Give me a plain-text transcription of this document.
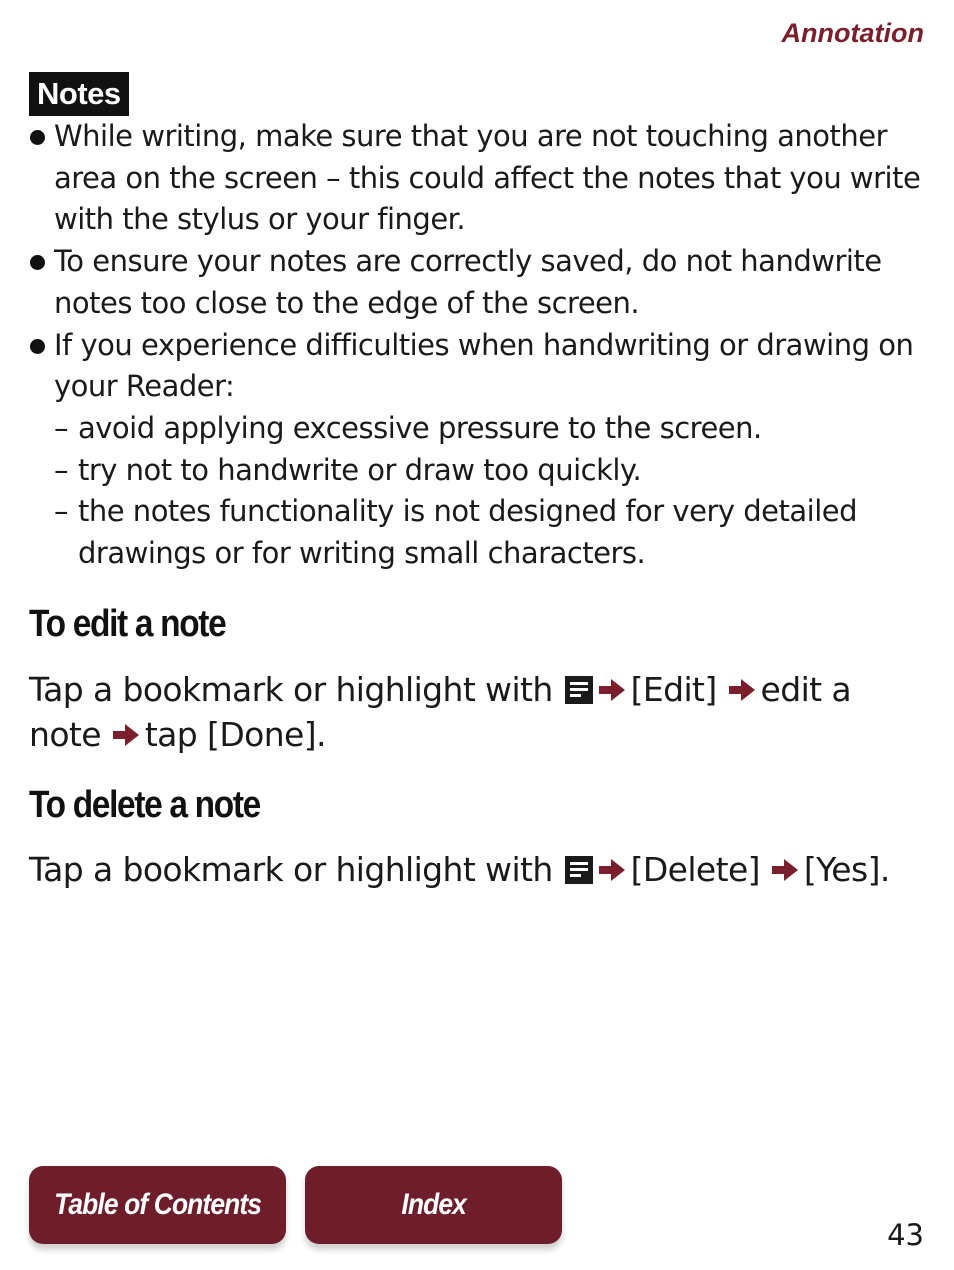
Annotation
Notes
While writing, make sure that you are not touching another area on the screen – this could affect the notes that you write with the stylus or your finger.
To ensure your notes are correctly saved, do not handwrite notes too close to the edge of the screen.
If you experience difficulties when handwriting or drawing on your Reader:
– avoid applying excessive pressure to the screen.
– try not to handwrite or draw too quickly.
– the notes functionality is not designed for very detailed drawings or for writing small characters.
To edit a note
Tap a bookmark or highlight with [Edit] edit a note tap [Done].
To delete a note
Tap a bookmark or highlight with [Delete] [Yes].
Table of Contents	Index
43
